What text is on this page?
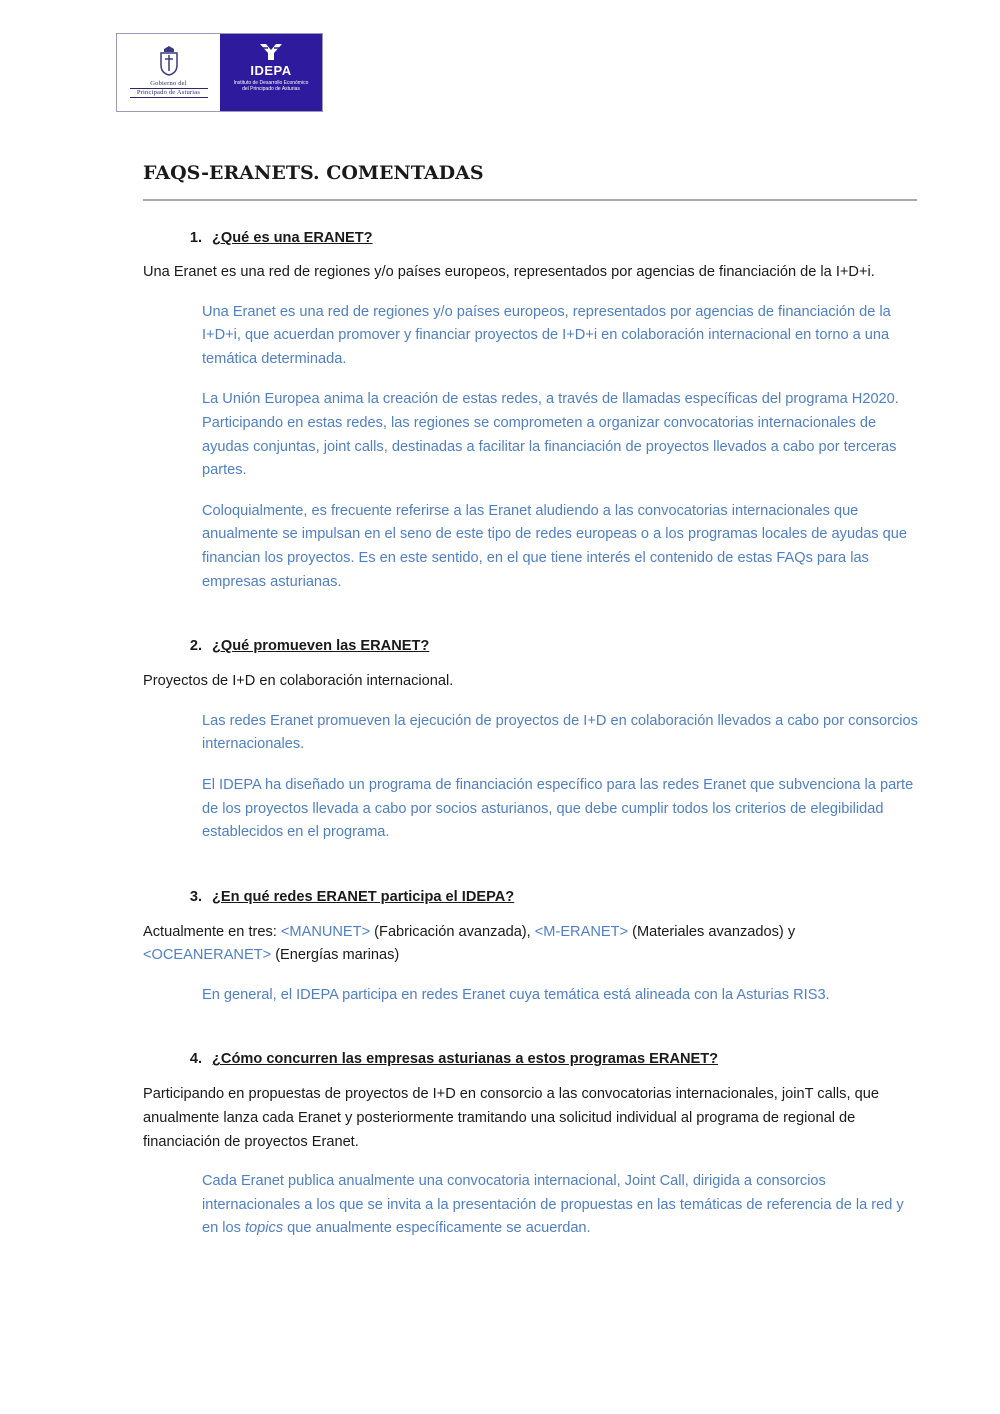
Gobierno del
Principado de Asturias
IDEPA
Instituto de Desarrollo Económico
del Principado de Asturias
FAQS-ERANETS. COMENTADAS
1. ¿Qué es una ERANET?

Una Eranet es una red de regiones y/o países europeos, representados por agencias de financiación de la I+D+i.

Una Eranet es una red de regiones y/o países europeos, representados por agencias de financiación de la I+D+i, que acuerdan promover y financiar proyectos de I+D+i en colaboración internacional en torno a una temática determinada.

La Unión Europea anima la creación de estas redes, a través de llamadas específicas del programa H2020. Participando en estas redes, las regiones se comprometen a organizar convocatorias internacionales de ayudas conjuntas, joint calls, destinadas a facilitar la financiación de proyectos llevados a cabo por terceras partes.

Coloquialmente, es frecuente referirse a las Eranet aludiendo a las convocatorias internacionales que anualmente se impulsan en el seno de este tipo de redes europeas o a los programas locales de ayudas que financian los proyectos. Es en este sentido, en el que tiene interés el contenido de estas FAQs para las empresas asturianas.

2. ¿Qué promueven las ERANET?

Proyectos de I+D en colaboración internacional.

Las redes Eranet promueven la ejecución de proyectos de I+D en colaboración llevados a cabo por consorcios internacionales.

El IDEPA ha diseñado un programa de financiación específico para las redes Eranet que subvenciona la parte de los proyectos llevada a cabo por socios asturianos, que debe cumplir todos los criterios de elegibilidad establecidos en el programa.

3. ¿En qué redes ERANET participa el IDEPA?

Actualmente en tres: <MANUNET> (Fabricación avanzada), <M-ERANET> (Materiales avanzados) y <OCEANERANET> (Energías marinas)

En general, el IDEPA participa en redes Eranet cuya temática está alineada con la Asturias RIS3.

4. ¿Cómo concurren las empresas asturianas a estos programas ERANET?

Participando en propuestas de proyectos de I+D en consorcio a las convocatorias internacionales, joinT calls, que anualmente lanza cada Eranet y posteriormente tramitando una solicitud individual al programa de regional de financiación de proyectos Eranet.

Cada Eranet publica anualmente una convocatoria internacional, Joint Call, dirigida a consorcios internacionales a los que se invita a la presentación de propuestas en las temáticas de referencia de la red y en los topics que anualmente específicamente se acuerdan.
